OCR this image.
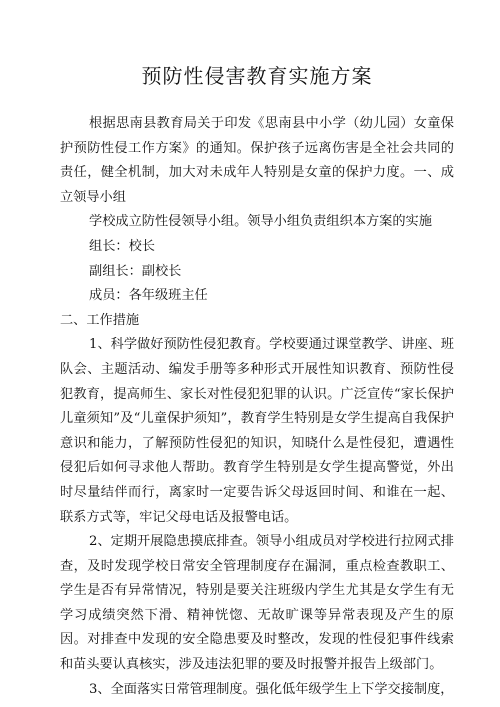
预防性侵害教育实施方案

根据思南县教育局关于印发《思南县中小学（幼儿园）女童保护预防性侵工作方案》的通知。保护孩子远离伤害是全社会共同的责任，健全机制，加大对未成年人特别是女童的保护力度。一、成立领导小组

学校成立防性侵领导小组。领导小组负责组织本方案的实施

组长：校长

副组长：副校长

成员：各年级班主任

二、工作措施

1、科学做好预防性侵犯教育。学校要通过课堂教学、讲座、班队会、主题活动、编发手册等多种形式开展性知识教育、预防性侵犯教育，提高师生、家长对性侵犯犯罪的认识。广泛宣传“家长保护儿童须知”及“儿童保护须知”，教育学生特别是女学生提高自我保护意识和能力，了解预防性侵犯的知识，知晓什么是性侵犯，遭遇性侵犯后如何寻求他人帮助。教育学生特别是女学生提高警觉，外出时尽量结伴而行，离家时一定要告诉父母返回时间、和谁在一起、联系方式等，牢记父母电话及报警电话。

2、定期开展隐患摸底排查。领导小组成员对学校进行拉网式排查，及时发现学校日常安全管理制度存在漏洞，重点检查教职工、学生是否有异常情况，特别是要关注班级内学生尤其是女学生有无学习成绩突然下滑、精神恍惚、无故旷课等异常表现及产生的原因。对排查中发现的安全隐患要及时整改，发现的性侵犯事件线索和苗头要认真核实，涉及违法犯罪的要及时报警并报告上级部门。

3、全面落实日常管理制度。强化低年级学生上下学交接制度，
